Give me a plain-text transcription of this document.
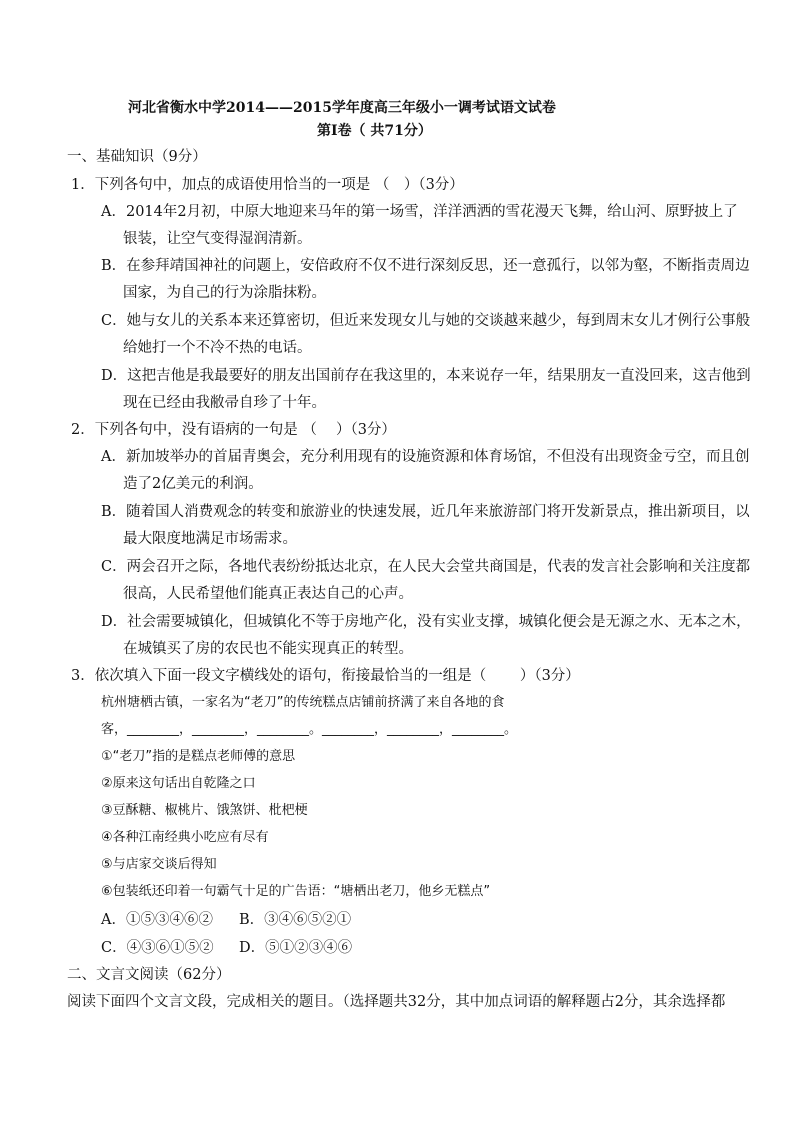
河北省衡水中学2014——2015学年度高三年级小一调考试语文试卷
第Ⅰ卷（ 共71分）
一、基础知识（9分）
1．下列各句中，加点的成语使用恰当的一项是 （　）（3分）
A．2014年2月初，中原大地迎来马年的第一场雪，洋洋洒洒的雪花漫天飞舞，给山河、原野披上了
银装，让空气变得湿润清新。
B．在参拜靖国神社的问题上，安倍政府不仅不进行深刻反思，还一意孤行，以邻为壑，不断指责周边
国家，为自己的行为涂脂抹粉。
C．她与女儿的关系本来还算密切，但近来发现女儿与她的交谈越来越少，每到周末女儿才例行公事般
给她打一个不冷不热的电话。
D．这把吉他是我最要好的朋友出国前存在我这里的，本来说存一年，结果朋友一直没回来，这吉他到
现在已经由我敝帚自珍了十年。
2．下列各句中，没有语病的一句是 （　 ）（3分）
A．新加坡举办的首届青奥会，充分利用现有的设施资源和体育场馆，不但没有出现资金亏空，而且创
造了2亿美元的利润。
B．随着国人消费观念的转变和旅游业的快速发展，近几年来旅游部门将开发新景点，推出新项目，以
最大限度地满足市场需求。
C．两会召开之际，各地代表纷纷抵达北京，在人民大会堂共商国是，代表的发言社会影响和关注度都
很高，人民希望他们能真正表达自己的心声。
D．社会需要城镇化，但城镇化不等于房地产化，没有实业支撑，城镇化便会是无源之水、无本之木，
在城镇买了房的农民也不能实现真正的转型。
3．依次填入下面一段文字横线处的语句，衔接最恰当的一组是（　　 ）（3分）
杭州塘栖古镇，一家名为“老刀”的传统糕点店铺前挤满了来自各地的食
客，________，________，________。________，________，________。
①“老刀”指的是糕点老师傅的意思
②原来这句话出自乾隆之口
③豆酥糖、椒桃片、饿煞饼、枇杷梗
④各种江南经典小吃应有尽有
⑤与店家交谈后得知
⑥包装纸还印着一句霸气十足的广告语：“塘栖出老刀，他乡无糕点”
A．①⑤③④⑥② B．③④⑥⑤②①
C．④③⑥①⑤② D．⑤①②③④⑥
二、文言文阅读（62分）
阅读下面四个文言文段，完成相关的题目。（选择题共32分，其中加点词语的解释题占2分，其余选择都
